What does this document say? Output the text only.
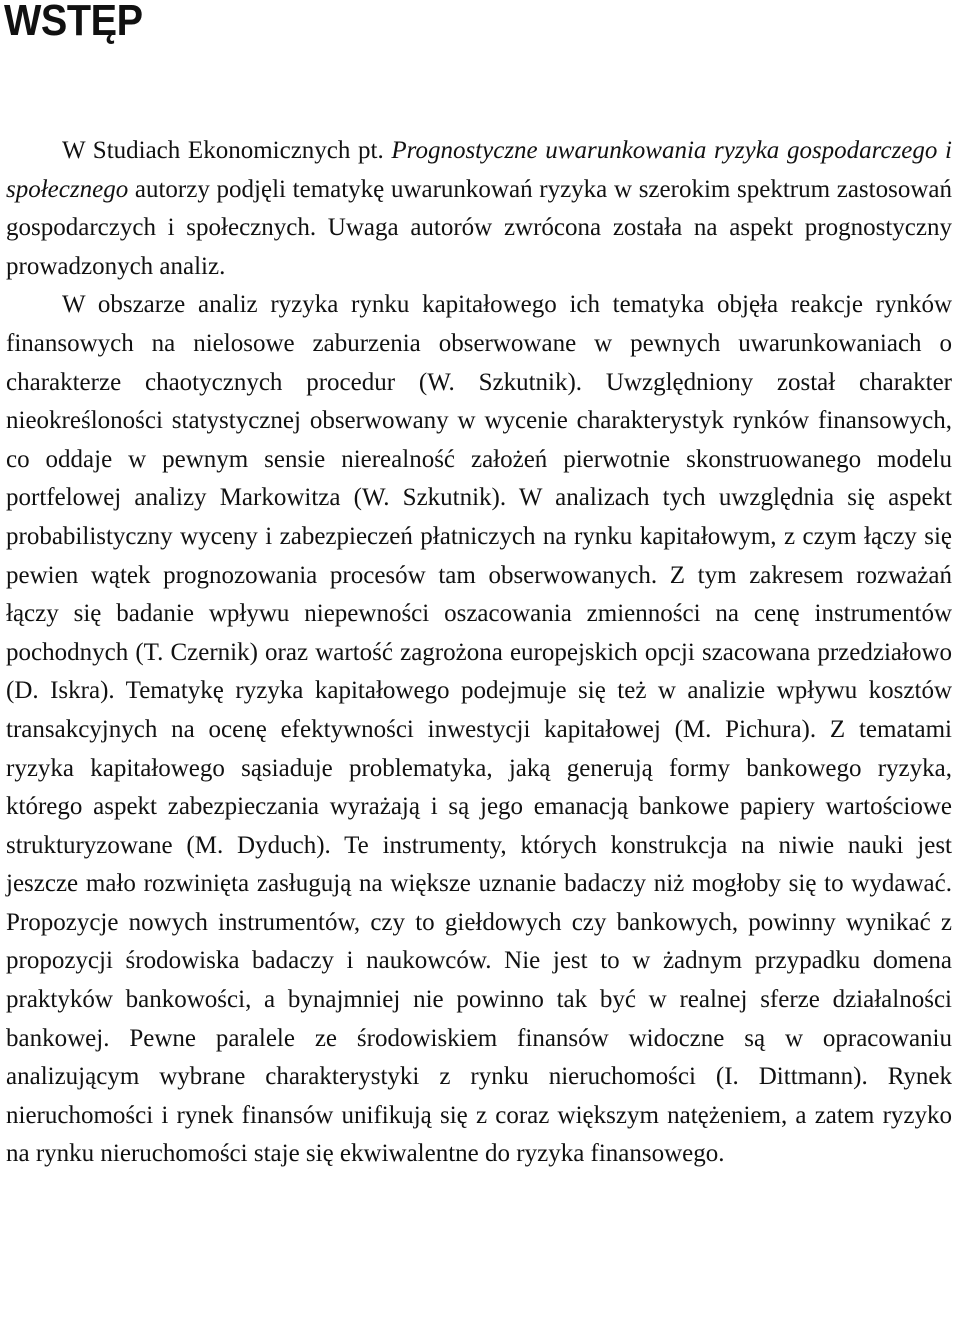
WSTĘP

W Studiach Ekonomicznych pt. Prognostyczne uwarunkowania ryzyka gospodarczego i społecznego autorzy podjęli tematykę uwarunkowań ryzyka w szerokim spektrum zastosowań gospodarczych i społecznych. Uwaga autorów zwrócona została na aspekt prognostyczny prowadzonych analiz.

W obszarze analiz ryzyka rynku kapitałowego ich tematyka objęła reakcje rynków finansowych na nielosowe zaburzenia obserwowane w pewnych uwarunkowaniach o charakterze chaotycznych procedur (W. Szkutnik). Uwzględniony został charakter nieokreśloności statystycznej obserwowany w wycenie charakterystyk rynków finansowych, co oddaje w pewnym sensie nierealność założeń pierwotnie skonstruowanego modelu portfelowej analizy Markowitza (W. Szkutnik). W analizach tych uwzględnia się aspekt probabilistyczny wyceny i zabezpieczeń płatniczych na rynku kapitałowym, z czym łączy się pewien wątek prognozowania procesów tam obserwowanych. Z tym zakresem rozważań łączy się badanie wpływu niepewności oszacowania zmienności na cenę instrumentów pochodnych (T. Czernik) oraz wartość zagrożona europejskich opcji szacowana przedziałowo (D. Iskra). Tematykę ryzyka kapitałowego podejmuje się też w analizie wpływu kosztów transakcyjnych na ocenę efektywności inwestycji kapitałowej (M. Pichura). Z tematami ryzyka kapitałowego sąsiaduje problematyka, jaką generują formy bankowego ryzyka, którego aspekt zabezpieczania wyrażają i są jego emanacją bankowe papiery wartościowe strukturyzowane (M. Dyduch). Te instrumenty, których konstrukcja na niwie nauki jest jeszcze mało rozwinięta zasługują na większe uznanie badaczy niż mogłoby się to wydawać. Propozycje nowych instrumentów, czy to giełdowych czy bankowych, powinny wynikać z propozycji środowiska badaczy i naukowców. Nie jest to w żadnym przypadku domena praktyków bankowości, a bynajmniej nie powinno tak być w realnej sferze działalności bankowej. Pewne paralele ze środowiskiem finansów widoczne są w opracowaniu analizującym wybrane charakterystyki z rynku nieruchomości (I. Dittmann). Rynek nieruchomości i rynek finansów unifikują się z coraz większym natężeniem, a zatem ryzyko na rynku nieruchomości staje się ekwiwalentne do ryzyka finansowego.
